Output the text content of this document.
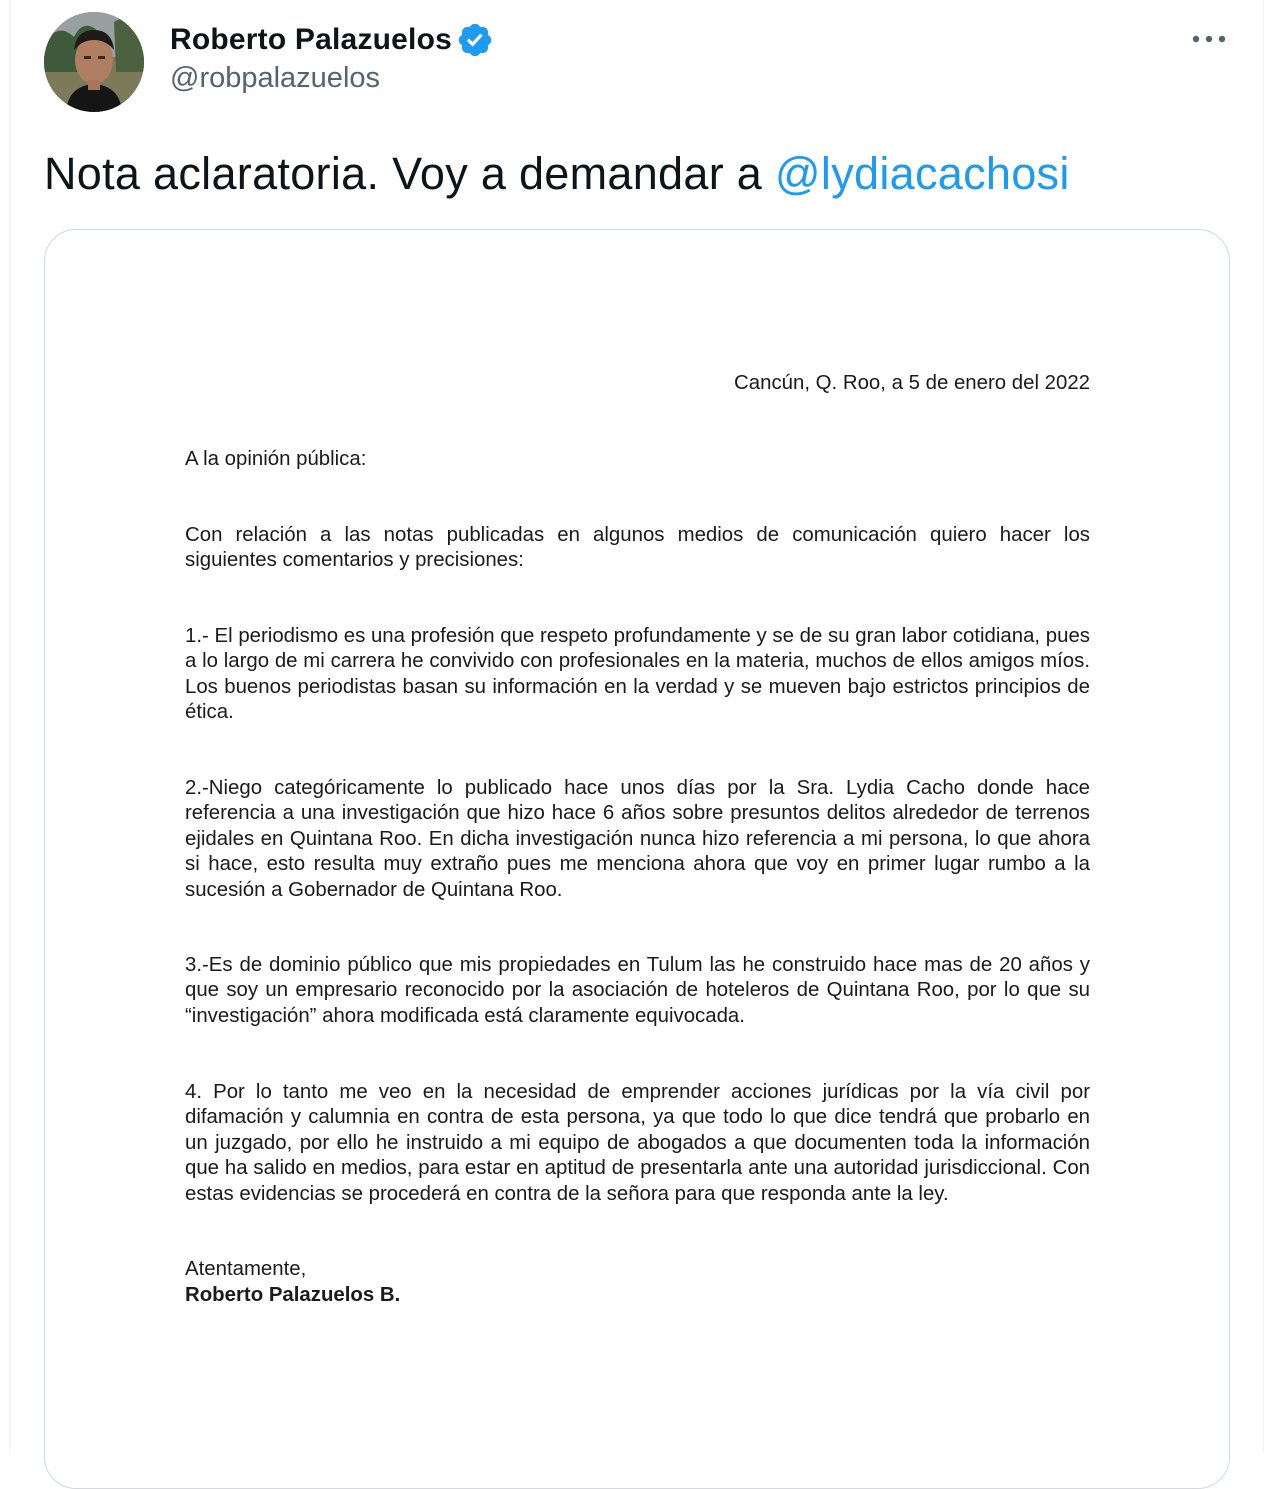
Roberto Palazuelos
@robpalazuelos
Nota aclaratoria. Voy a demandar a @lydiacachosi
Cancún, Q. Roo, a 5 de enero del 2022
A la opinión pública:
Con relación a las notas publicadas en algunos medios de comunicación quiero hacer los siguientes comentarios y precisiones:
1.- El periodismo es una profesión que respeto profundamente y se de su gran labor cotidiana, pues a lo largo de mi carrera he convivido con profesionales en la materia, muchos de ellos amigos míos. Los buenos periodistas basan su información en la verdad y se mueven bajo estrictos principios de ética.
2.-Niego categóricamente lo publicado hace unos días por la Sra. Lydia Cacho donde hace referencia a una investigación que hizo hace 6 años sobre presuntos delitos alrededor de terrenos ejidales en Quintana Roo. En dicha investigación nunca hizo referencia a mi persona, lo que ahora si hace, esto resulta muy extraño pues me menciona ahora que voy en primer lugar rumbo a la sucesión a Gobernador de Quintana Roo.
3.-Es de dominio público que mis propiedades en Tulum las he construido hace mas de 20 años y que soy un empresario reconocido por la asociación de hoteleros de Quintana Roo, por lo que su “investigación” ahora modificada está claramente equivocada.
4. Por lo tanto me veo en la necesidad de emprender acciones jurídicas por la vía civil por difamación y calumnia en contra de esta persona, ya que todo lo que dice tendrá que probarlo en un juzgado, por ello he instruido a mi equipo de abogados a que documenten toda la información que ha salido en medios, para estar en aptitud de presentarla ante una autoridad jurisdiccional. Con estas evidencias se procederá en contra de la señora para que responda ante la ley.
Atentamente,
Roberto Palazuelos B.
